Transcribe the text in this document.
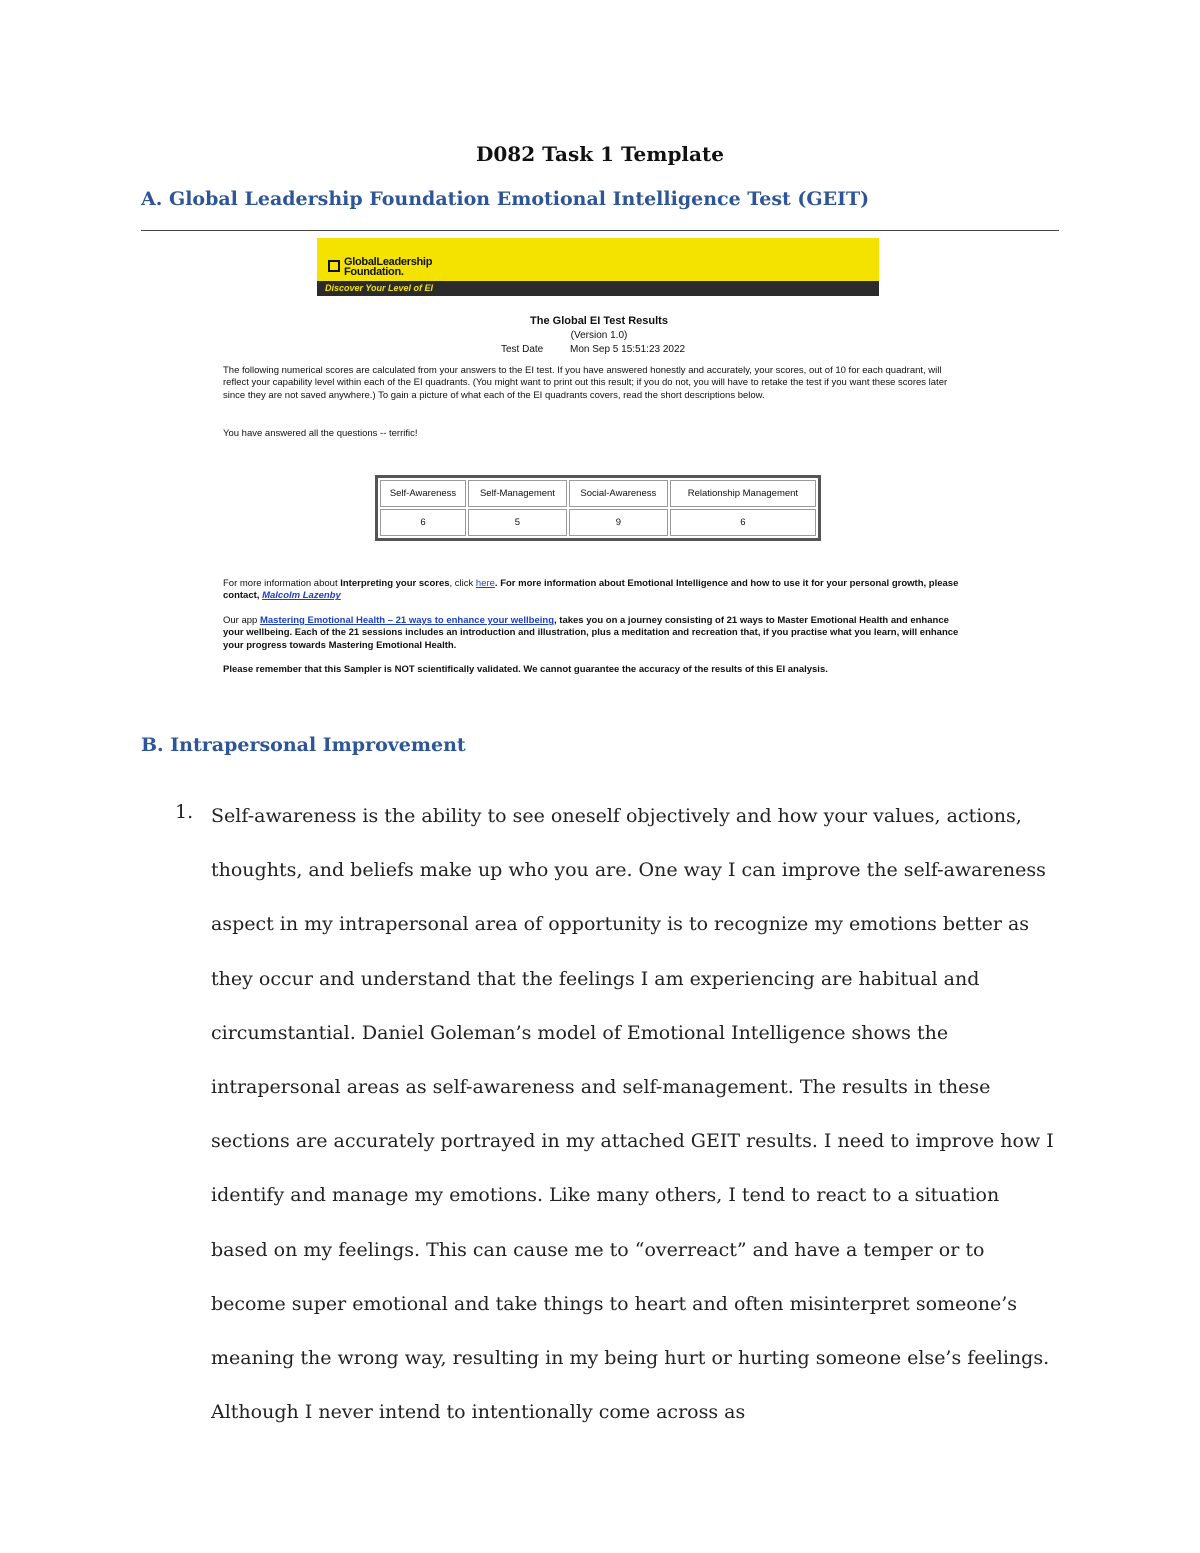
D082 Task 1 Template
A. Global Leadership Foundation Emotional Intelligence Test (GEIT)
GlobalLeadership
Foundation.
Discover Your Level of EI
The Global EI Test Results
(Version 1.0)
Test Date	Mon Sep 5 15:51:23 2022

The following numerical scores are calculated from your answers to the EI test. If you have answered honestly and accurately, your scores, out of 10 for each quadrant, will reflect your capability level within each of the EI quadrants. (You might want to print out this result; if you do not, you will have to retake the test if you want these scores later since they are not saved anywhere.) To gain a picture of what each of the EI quadrants covers, read the short descriptions below.

You have answered all the questions -- terrific!

Self-Awareness	Self-Management	Social-Awareness	Relationship Management
6	5	9	6

For more information about Interpreting your scores, click here. For more information about Emotional Intelligence and how to use it for your personal growth, please contact, Malcolm Lazenby

Our app Mastering Emotional Health – 21 ways to enhance your wellbeing, takes you on a journey consisting of 21 ways to Master Emotional Health and enhance your wellbeing. Each of the 21 sessions includes an introduction and illustration, plus a meditation and recreation that, if you practise what you learn, will enhance your progress towards Mastering Emotional Health.

Please remember that this Sampler is NOT scientifically validated. We cannot guarantee the accuracy of the results of this EI analysis.

B. Intrapersonal Improvement
1. Self-awareness is the ability to see oneself objectively and how your values, actions, thoughts, and beliefs make up who you are. One way I can improve the self-awareness aspect in my intrapersonal area of opportunity is to recognize my emotions better as they occur and understand that the feelings I am experiencing are habitual and circumstantial. Daniel Goleman’s model of Emotional Intelligence shows the intrapersonal areas as self-awareness and self-management. The results in these sections are accurately portrayed in my attached GEIT results. I need to improve how I identify and manage my emotions. Like many others, I tend to react to a situation based on my feelings. This can cause me to “overreact” and have a temper or to become super emotional and take things to heart and often misinterpret someone’s meaning the wrong way, resulting in my being hurt or hurting someone else’s feelings. Although I never intend to intentionally come across as
